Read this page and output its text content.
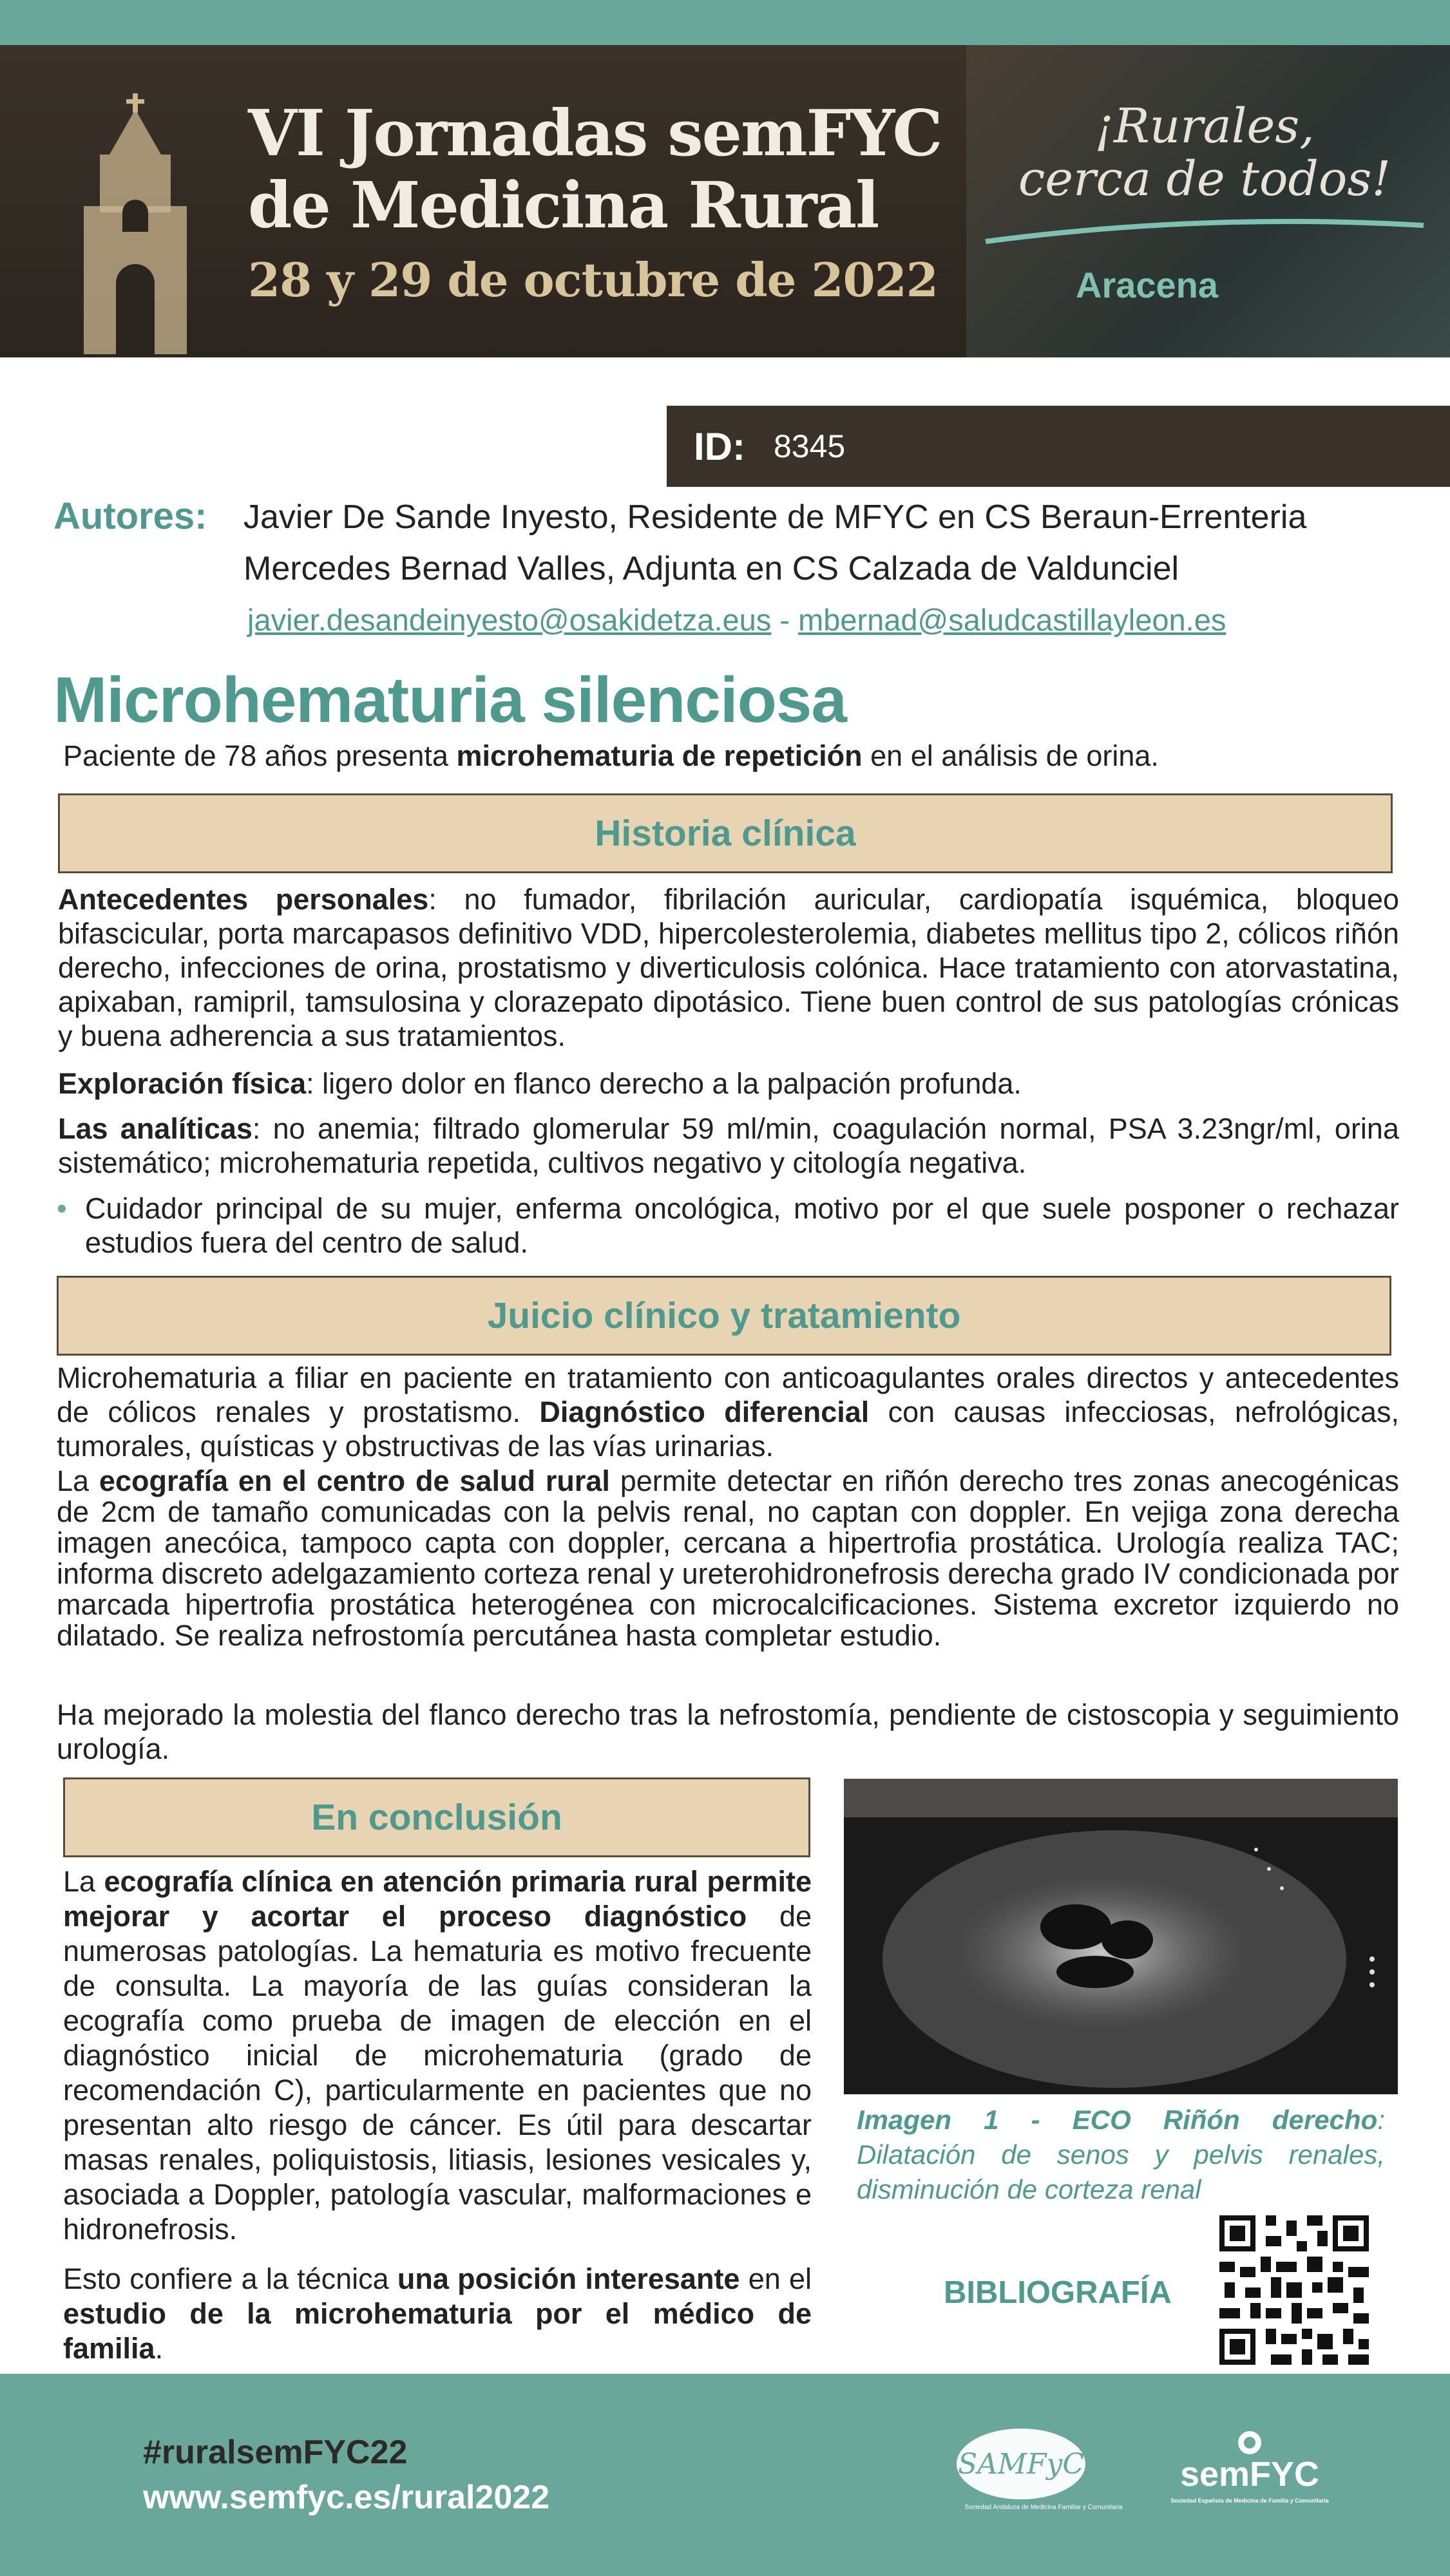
VI Jornadas semFYC
de Medicina Rural
28 y 29 de octubre de 2022
¡Rurales,
cerca de todos!
Aracena
ID: 8345
Autores: Javier De Sande Inyesto, Residente de MFYC en CS Beraun-Errenteria
Mercedes Bernad Valles, Adjunta en CS Calzada de Valdunciel
javier.desandeinyesto@osakidetza.eus - mbernad@saludcastillayleon.es
Microhematuria silenciosa
Paciente de 78 años presenta microhematuria de repetición en el análisis de orina.
Historia clínica
Antecedentes personales: no fumador, fibrilación auricular, cardiopatía isquémica, bloqueo bifascicular, porta marcapasos definitivo VDD, hipercolesterolemia, diabetes mellitus tipo 2, cólicos riñón derecho, infecciones de orina, prostatismo y diverticulosis colónica. Hace tratamiento con atorvastatina, apixaban, ramipril, tamsulosina y clorazepato dipotásico. Tiene buen control de sus patologías crónicas y buena adherencia a sus tratamientos.
Exploración física: ligero dolor en flanco derecho a la palpación profunda.
Las analíticas: no anemia; filtrado glomerular 59 ml/min, coagulación normal, PSA 3.23ngr/ml, orina sistemático; microhematuria repetida, cultivos negativo y citología negativa.
• Cuidador principal de su mujer, enferma oncológica, motivo por el que suele posponer o rechazar estudios fuera del centro de salud.
Juicio clínico y tratamiento
Microhematuria a filiar en paciente en tratamiento con anticoagulantes orales directos y antecedentes de cólicos renales y prostatismo. Diagnóstico diferencial con causas infecciosas, nefrológicas, tumorales, quísticas y obstructivas de las vías urinarias.
La ecografía en el centro de salud rural permite detectar en riñón derecho tres zonas anecogénicas de 2cm de tamaño comunicadas con la pelvis renal, no captan con doppler. En vejiga zona derecha imagen anecóica, tampoco capta con doppler, cercana a hipertrofia prostática. Urología realiza TAC; informa discreto adelgazamiento corteza renal y ureterohidronefrosis derecha grado IV condicionada por marcada hipertrofia prostática heterogénea con microcalcificaciones. Sistema excretor izquierdo no dilatado. Se realiza nefrostomía percutánea hasta completar estudio.
Ha mejorado la molestia del flanco derecho tras la nefrostomía, pendiente de cistoscopia y seguimiento urología.
En conclusión
La ecografía clínica en atención primaria rural permite mejorar y acortar el proceso diagnóstico de numerosas patologías. La hematuria es motivo frecuente de consulta. La mayoría de las guías consideran la ecografía como prueba de imagen de elección en el diagnóstico inicial de microhematuria (grado de recomendación C), particularmente en pacientes que no presentan alto riesgo de cáncer. Es útil para descartar masas renales, poliquistosis, litiasis, lesiones vesicales y, asociada a Doppler, patología vascular, malformaciones e hidronefrosis.
Esto confiere a la técnica una posición interesante en el estudio de la microhematuria por el médico de familia.
Imagen 1 - ECO Riñón derecho: Dilatación de senos y pelvis renales, disminución de corteza renal
BIBLIOGRAFÍA
#ruralsemFYC22
www.semfyc.es/rural2022
SAMFyC
Sociedad Andaluza de Medicina Familiar y Comunitaria
semFYC
Sociedad Española de Medicina de Familia y Comunitaria
